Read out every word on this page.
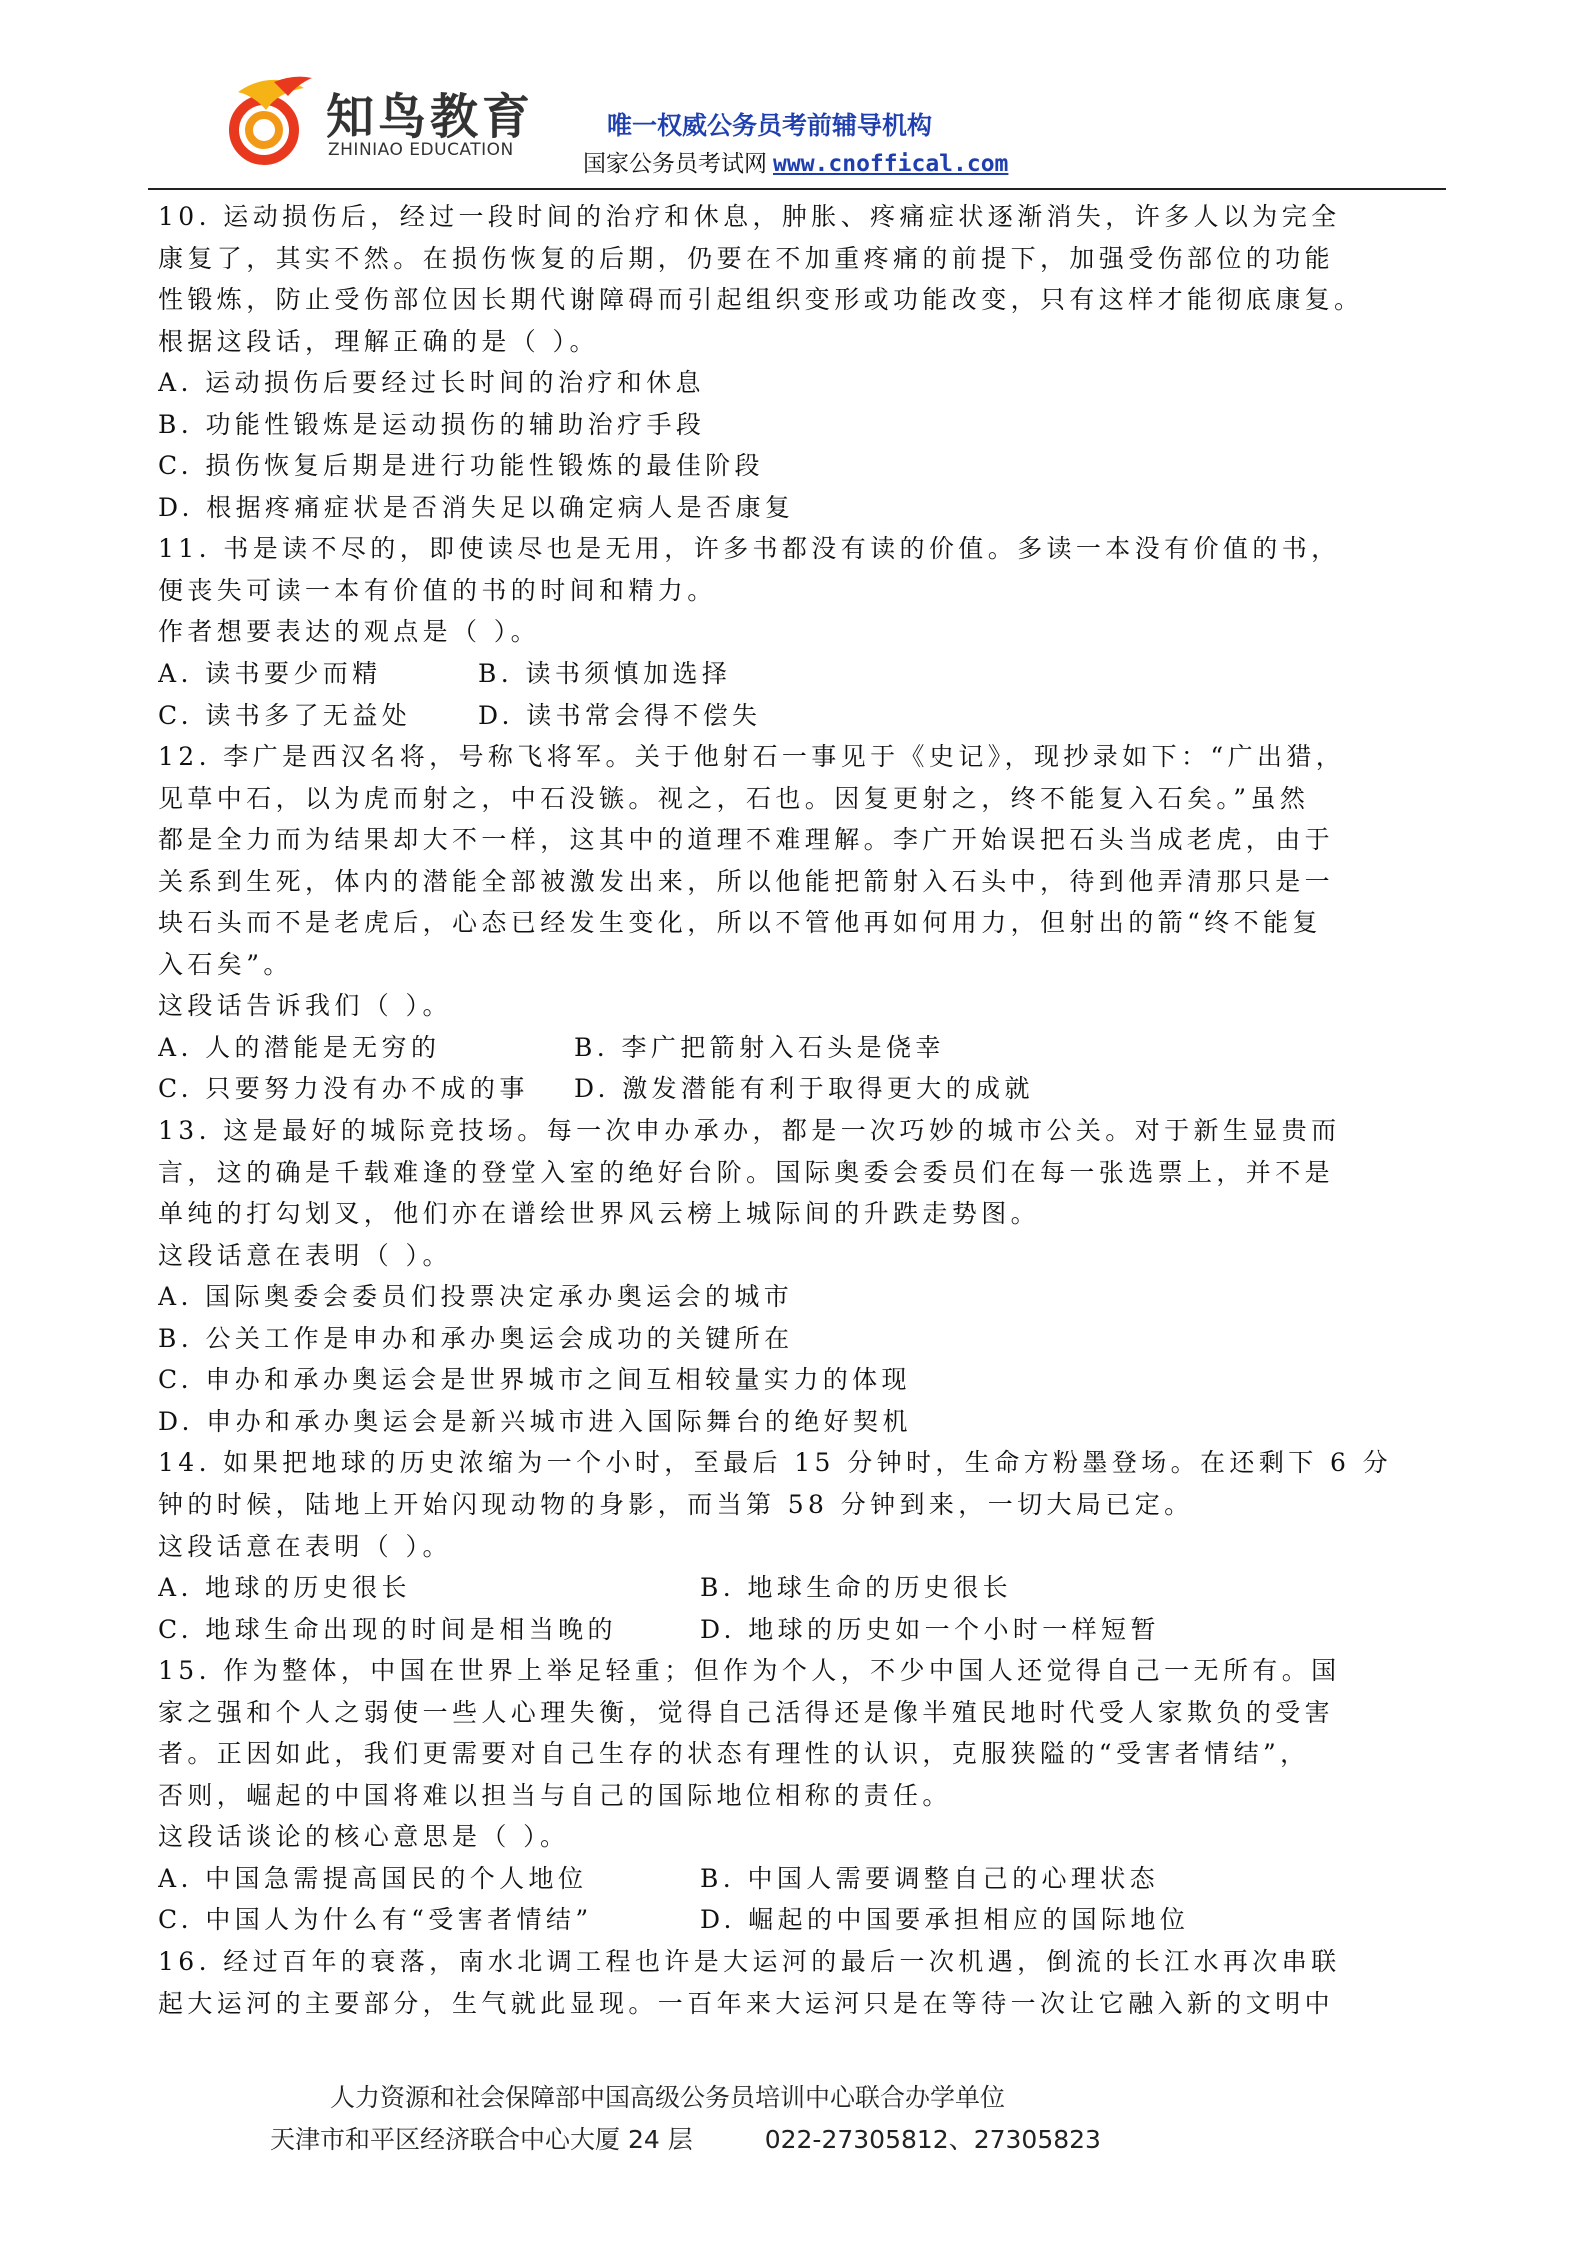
知鸟教育
ZHINIAO EDUCATION
唯一权威公务员考前辅导机构
国家公务员考试网 www.cnoffical.com
10. 运动损伤后，经过一段时间的治疗和休息，肿胀、疼痛症状逐渐消失，许多人以为完全
康复了，其实不然。在损伤恢复的后期，仍要在不加重疼痛的前提下，加强受伤部位的功能
性锻炼，防止受伤部位因长期代谢障碍而引起组织变形或功能改变，只有这样才能彻底康复。
根据这段话，理解正确的是（ ）。
A. 运动损伤后要经过长时间的治疗和休息
B. 功能性锻炼是运动损伤的辅助治疗手段
C. 损伤恢复后期是进行功能性锻炼的最佳阶段
D. 根据疼痛症状是否消失足以确定病人是否康复
11. 书是读不尽的，即使读尽也是无用，许多书都没有读的价值。多读一本没有价值的书，
便丧失可读一本有价值的书的时间和精力。
作者想要表达的观点是（ ）。
A. 读书要少而精	B. 读书须慎加选择
C. 读书多了无益处	D. 读书常会得不偿失
12. 李广是西汉名将，号称飞将军。关于他射石一事见于《史记》，现抄录如下：“广出猎，
见草中石，以为虎而射之，中石没镞。视之，石也。因复更射之，终不能复入石矣。”虽然
都是全力而为结果却大不一样，这其中的道理不难理解。李广开始误把石头当成老虎，由于
关系到生死，体内的潜能全部被激发出来，所以他能把箭射入石头中，待到他弄清那只是一
块石头而不是老虎后，心态已经发生变化，所以不管他再如何用力，但射出的箭“终不能复
入石矣”。
这段话告诉我们（ ）。
A. 人的潜能是无穷的	B. 李广把箭射入石头是侥幸
C. 只要努力没有办不成的事	D. 激发潜能有利于取得更大的成就
13. 这是最好的城际竞技场。每一次申办承办，都是一次巧妙的城市公关。对于新生显贵而
言，这的确是千载难逢的登堂入室的绝好台阶。国际奥委会委员们在每一张选票上，并不是
单纯的打勾划叉，他们亦在谱绘世界风云榜上城际间的升跌走势图。
这段话意在表明（ ）。
A. 国际奥委会委员们投票决定承办奥运会的城市
B. 公关工作是申办和承办奥运会成功的关键所在
C. 申办和承办奥运会是世界城市之间互相较量实力的体现
D. 申办和承办奥运会是新兴城市进入国际舞台的绝好契机
14. 如果把地球的历史浓缩为一个小时，至最后 15 分钟时，生命方粉墨登场。在还剩下 6 分
钟的时候，陆地上开始闪现动物的身影，而当第 58 分钟到来，一切大局已定。
这段话意在表明（ ）。
A. 地球的历史很长	B. 地球生命的历史很长
C. 地球生命出现的时间是相当晚的	D. 地球的历史如一个小时一样短暂
15. 作为整体，中国在世界上举足轻重；但作为个人，不少中国人还觉得自己一无所有。国
家之强和个人之弱使一些人心理失衡，觉得自己活得还是像半殖民地时代受人家欺负的受害
者。正因如此，我们更需要对自己生存的状态有理性的认识，克服狭隘的“受害者情结”，
否则，崛起的中国将难以担当与自己的国际地位相称的责任。
这段话谈论的核心意思是（ ）。
A. 中国急需提高国民的个人地位	B. 中国人需要调整自己的心理状态
C. 中国人为什么有“受害者情结”	D. 崛起的中国要承担相应的国际地位
16. 经过百年的衰落，南水北调工程也许是大运河的最后一次机遇，倒流的长江水再次串联
起大运河的主要部分，生气就此显现。一百年来大运河只是在等待一次让它融入新的文明中
人力资源和社会保障部中国高级公务员培训中心联合办学单位
天津市和平区经济联合中心大厦 24 层	022-27305812、27305823
